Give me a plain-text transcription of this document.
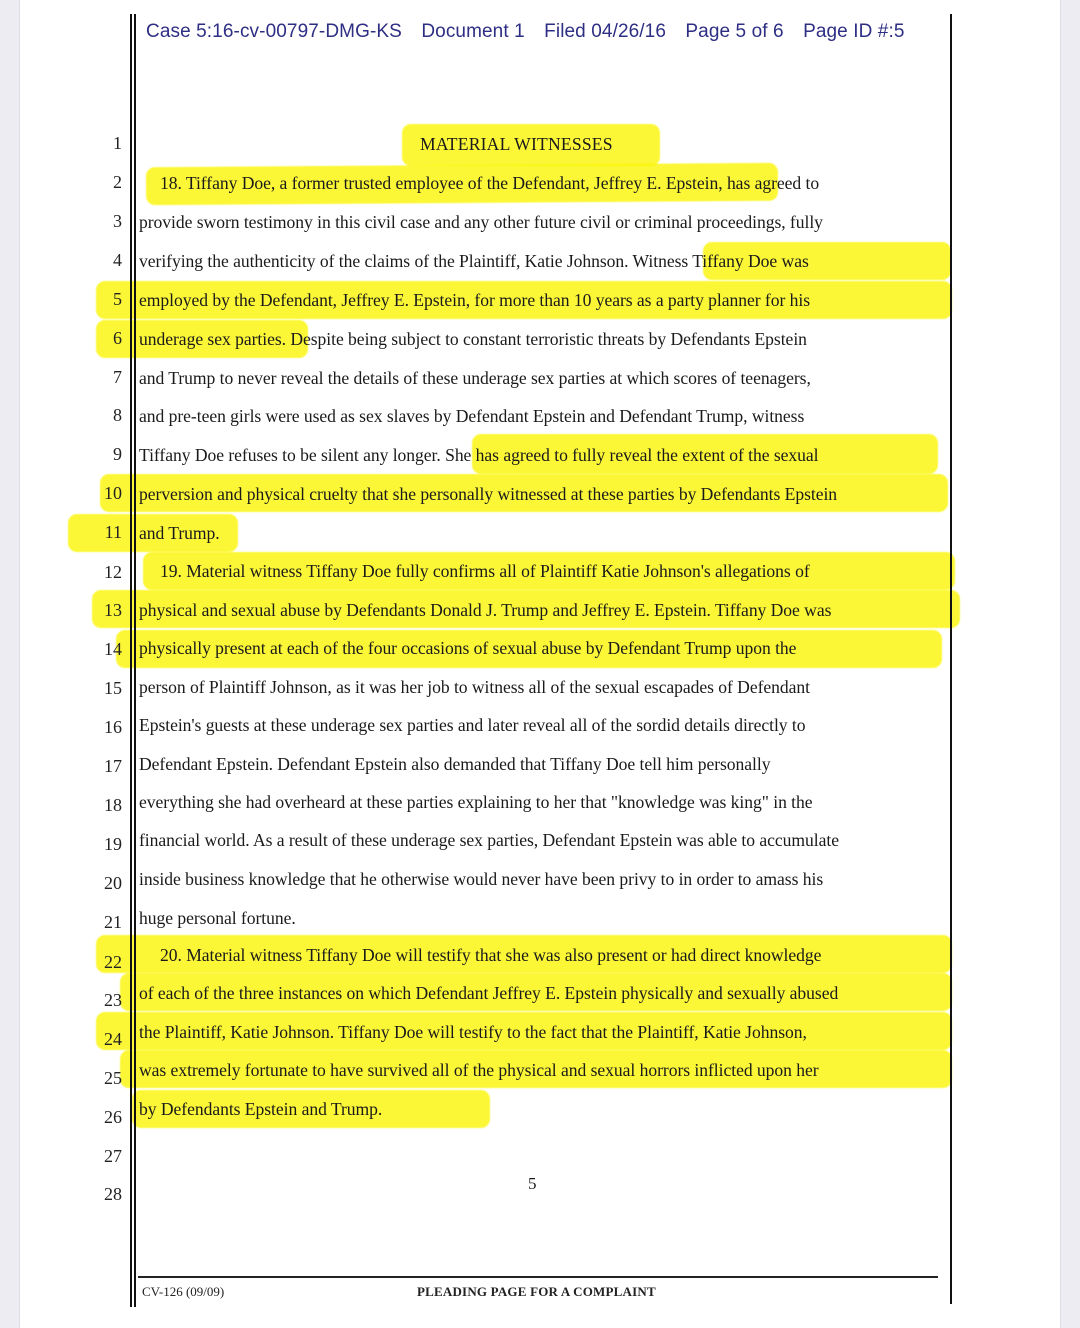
Case 5:16-cv-00797-DMG-KS Document 1 Filed 04/26/16 Page 5 of 6 Page ID #:5
1
2
3
4
5
6
7
8
9
10
11
12
13
14
15
16
17
18
19
20
21
22
23
24
25
26
27
28
MATERIAL WITNESSES
18. Tiffany Doe, a former trusted employee of the Defendant, Jeffrey E. Epstein, has agreed to
provide sworn testimony in this civil case and any other future civil or criminal proceedings, fully
verifying the authenticity of the claims of the Plaintiff, Katie Johnson. Witness Tiffany Doe was
employed by the Defendant, Jeffrey E. Epstein, for more than 10 years as a party planner for his
underage sex parties. Despite being subject to constant terroristic threats by Defendants Epstein
and Trump to never reveal the details of these underage sex parties at which scores of teenagers,
and pre-teen girls were used as sex slaves by Defendant Epstein and Defendant Trump, witness
Tiffany Doe refuses to be silent any longer. She has agreed to fully reveal the extent of the sexual
perversion and physical cruelty that she personally witnessed at these parties by Defendants Epstein
and Trump.
19. Material witness Tiffany Doe fully confirms all of Plaintiff Katie Johnson's allegations of
physical and sexual abuse by Defendants Donald J. Trump and Jeffrey E. Epstein. Tiffany Doe was
physically present at each of the four occasions of sexual abuse by Defendant Trump upon the
person of Plaintiff Johnson, as it was her job to witness all of the sexual escapades of Defendant
Epstein's guests at these underage sex parties and later reveal all of the sordid details directly to
Defendant Epstein. Defendant Epstein also demanded that Tiffany Doe tell him personally
everything she had overheard at these parties explaining to her that "knowledge was king" in the
financial world. As a result of these underage sex parties, Defendant Epstein was able to accumulate
inside business knowledge that he otherwise would never have been privy to in order to amass his
huge personal fortune.
20. Material witness Tiffany Doe will testify that she was also present or had direct knowledge
of each of the three instances on which Defendant Jeffrey E. Epstein physically and sexually abused
the Plaintiff, Katie Johnson. Tiffany Doe will testify to the fact that the Plaintiff, Katie Johnson,
was extremely fortunate to have survived all of the physical and sexual horrors inflicted upon her
by Defendants Epstein and Trump.
5
CV-126 (09/09)	PLEADING PAGE FOR A COMPLAINT
